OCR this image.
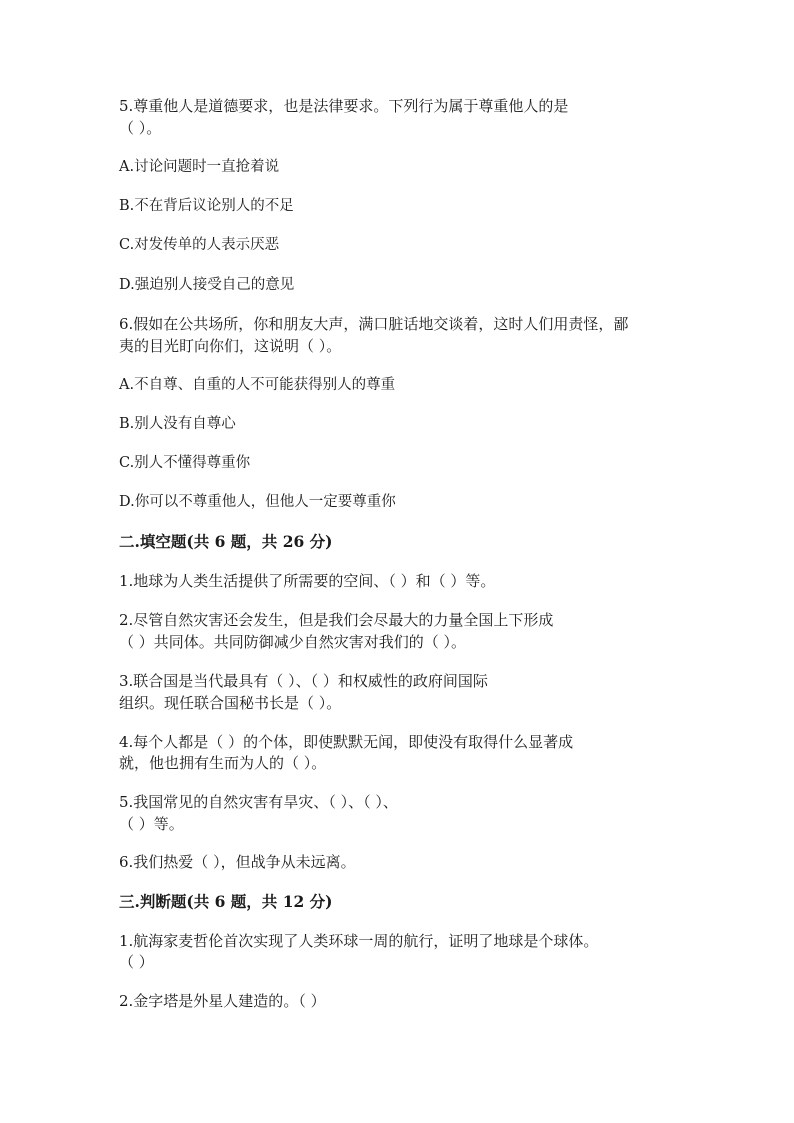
5.尊重他人是道德要求，也是法律要求。下列行为属于尊重他人的是
（ ）。
A.讨论问题时一直抢着说
B.不在背后议论别人的不足
C.对发传单的人表示厌恶
D.强迫别人接受自己的意见
6.假如在公共场所，你和朋友大声，满口脏话地交谈着，这时人们用责怪，鄙
夷的目光盯向你们，这说明（ ）。
A.不自尊、自重的人不可能获得别人的尊重
B.别人没有自尊心
C.别人不懂得尊重你
D.你可以不尊重他人，但他人一定要尊重你
二.填空题(共 6 题，共 26 分)
1.地球为人类生活提供了所需要的空间、（ ）和（ ）等。
2.尽管自然灾害还会发生，但是我们会尽最大的力量全国上下形成
（ ）共同体。共同防御减少自然灾害对我们的（ ）。
3.联合国是当代最具有（ ）、（ ）和权威性的政府间国际
组织。现任联合国秘书长是（ ）。
4.每个人都是（ ）的个体，即使默默无闻，即使没有取得什么显著成
就，他也拥有生而为人的（ ）。
5.我国常见的自然灾害有旱灾、（ ）、（ ）、
（ ）等。
6.我们热爱（ ），但战争从未远离。
三.判断题(共 6 题，共 12 分)
1.航海家麦哲伦首次实现了人类环球一周的航行，证明了地球是个球体。
（ ）
2.金字塔是外星人建造的。（ ）
